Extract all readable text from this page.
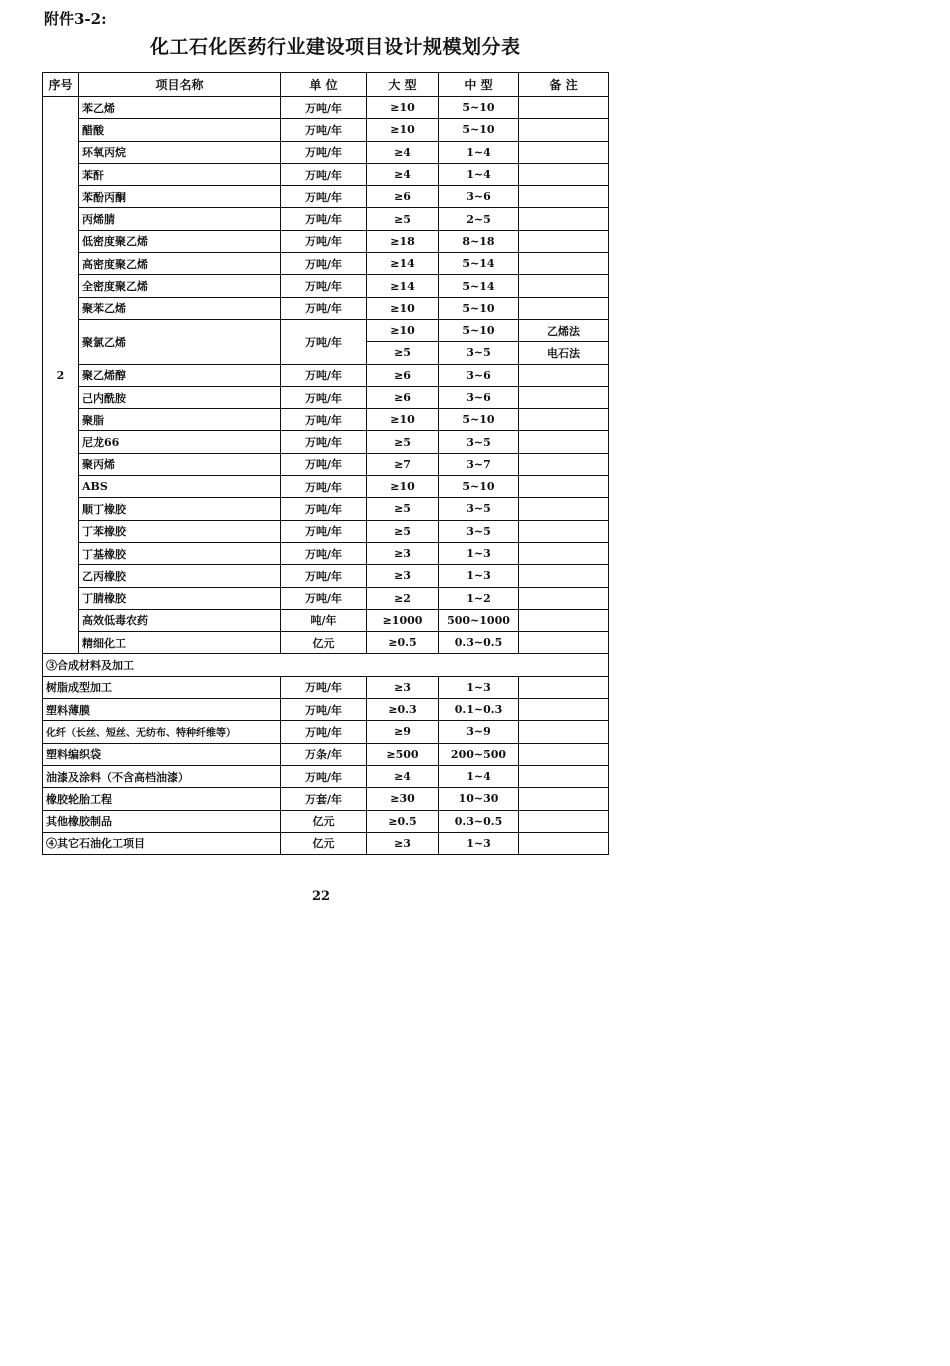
附件3-2:
化工石化医药行业建设项目设计规模划分表
序号	项目名称	单 位	大 型	中 型	备 注
2	苯乙烯	万吨/年	≥10	5~10	
	醋酸	万吨/年	≥10	5~10	
	环氧丙烷	万吨/年	≥4	1~4	
	苯酐	万吨/年	≥4	1~4	
	苯酚丙酮	万吨/年	≥6	3~6	
	丙烯腈	万吨/年	≥5	2~5	
	低密度聚乙烯	万吨/年	≥18	8~18	
	高密度聚乙烯	万吨/年	≥14	5~14	
	全密度聚乙烯	万吨/年	≥14	5~14	
	聚苯乙烯	万吨/年	≥10	5~10	
	聚氯乙烯	万吨/年	≥10	5~10	乙烯法
			≥5	3~5	电石法
	聚乙烯醇	万吨/年	≥6	3~6	
	己内酰胺	万吨/年	≥6	3~6	
	聚脂	万吨/年	≥10	5~10	
	尼龙66	万吨/年	≥5	3~5	
	聚丙烯	万吨/年	≥7	3~7	
	ABS	万吨/年	≥10	5~10	
	顺丁橡胶	万吨/年	≥5	3~5	
	丁苯橡胶	万吨/年	≥5	3~5	
	丁基橡胶	万吨/年	≥3	1~3	
	乙丙橡胶	万吨/年	≥3	1~3	
	丁腈橡胶	万吨/年	≥2	1~2	
	高效低毒农药	吨/年	≥1000	500~1000	
	精细化工	亿元	≥0.5	0.3~0.5	
③合成材料及加工					
树脂成型加工		万吨/年	≥3	1~3	
塑料薄膜		万吨/年	≥0.3	0.1~0.3	
化纤（长丝、短丝、无纺布、特种纤维等）		万吨/年	≥9	3~9	
塑料编织袋		万条/年	≥500	200~500	
油漆及涂料（不含高档油漆）		万吨/年	≥4	1~4	
橡胶轮胎工程		万套/年	≥30	10~30	
其他橡胶制品		亿元	≥0.5	0.3~0.5	
④其它石油化工项目		亿元	≥3	1~3	
22
